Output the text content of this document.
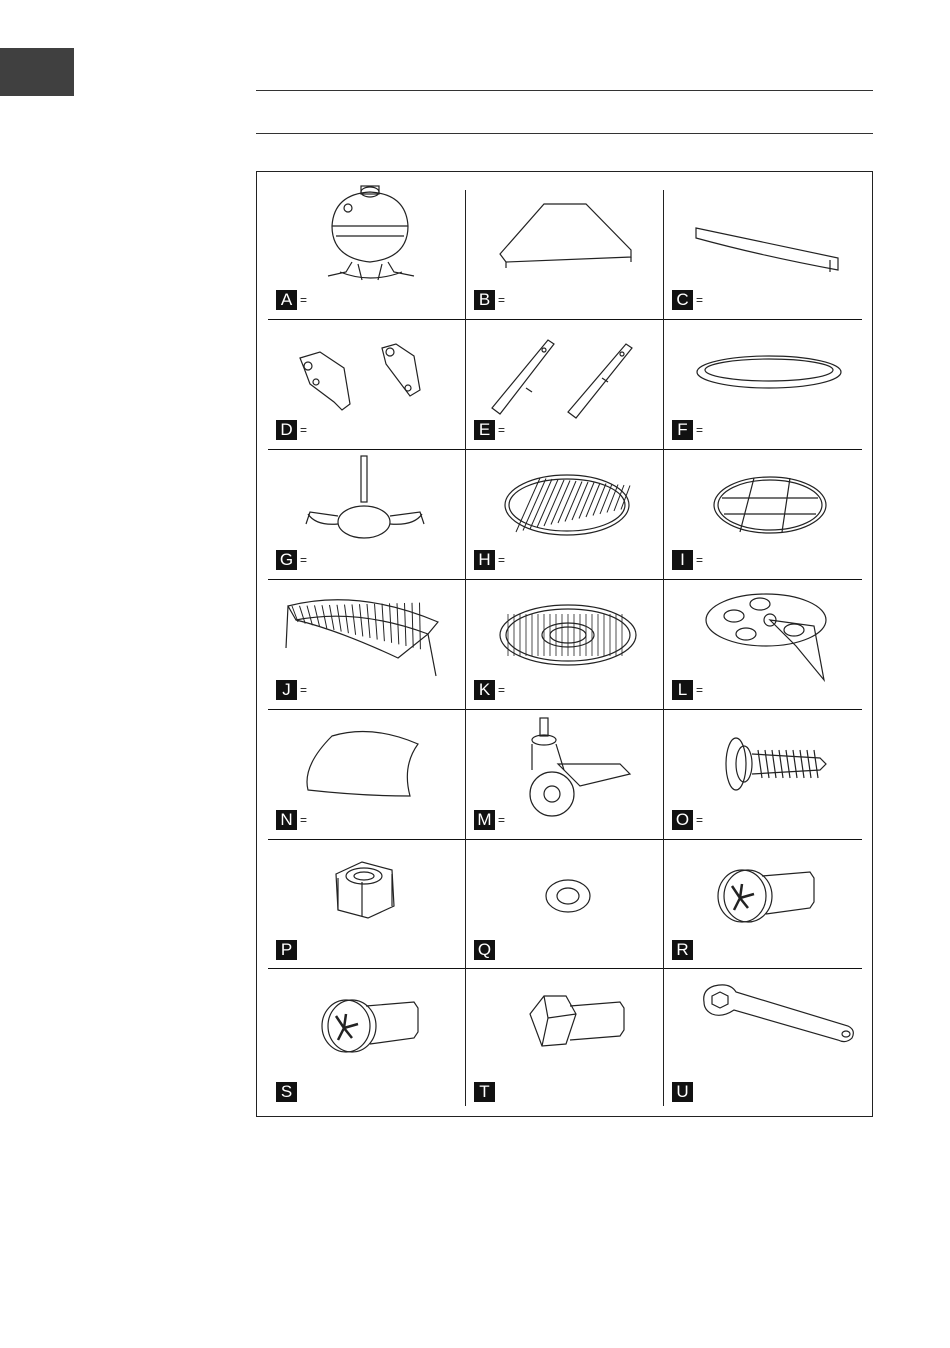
A =	B =	C =
D =	E =	F =
G =	H =	I =
J =	K =	L =
N =	M =	O =
P	Q	R
S	T	U
